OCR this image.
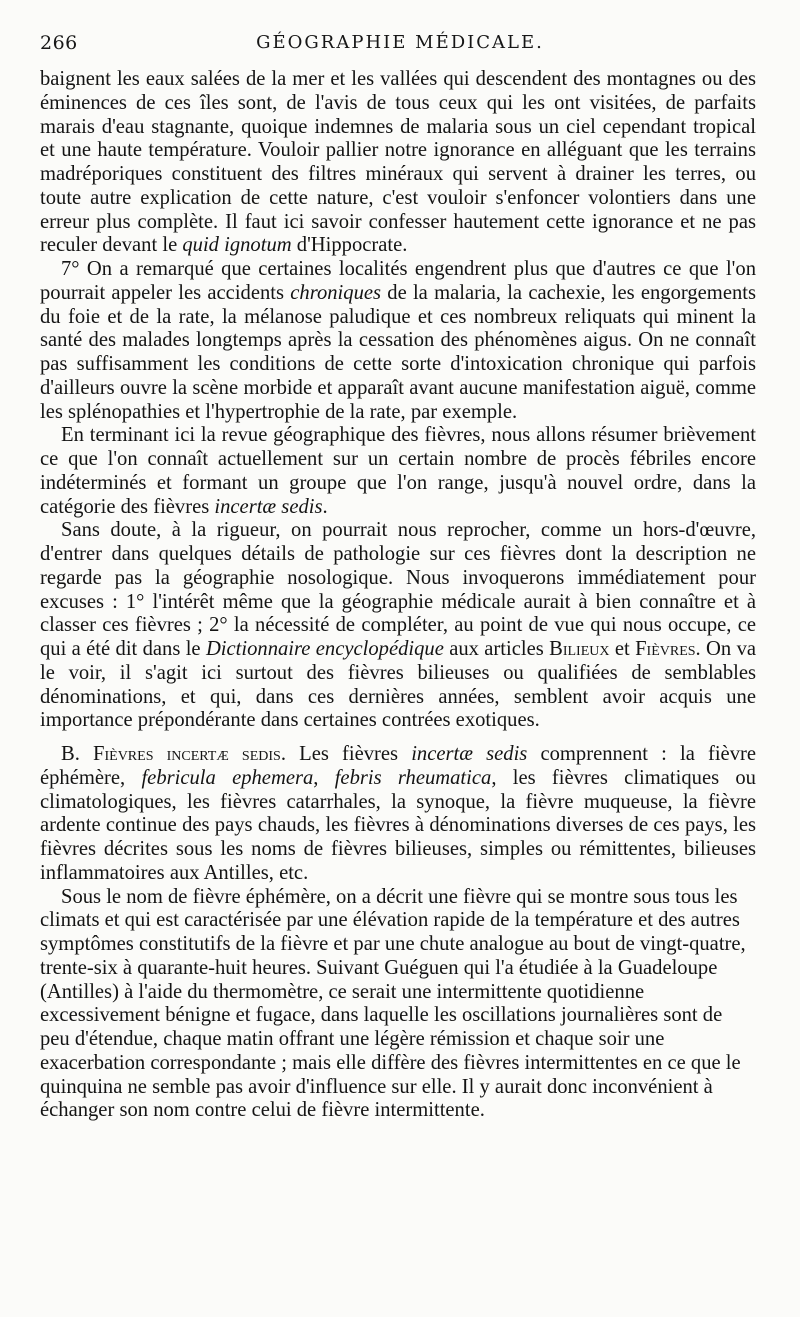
266	GÉOGRAPHIE MÉDICALE.

baignent les eaux salées de la mer et les vallées qui descendent des montagnes ou des éminences de ces îles sont, de l'avis de tous ceux qui les ont visitées, de parfaits marais d'eau stagnante, quoique indemnes de malaria sous un ciel cependant tropical et une haute température. Vouloir pallier notre ignorance en alléguant que les terrains madréporiques constituent des filtres minéraux qui servent à drainer les terres, ou toute autre explication de cette nature, c'est vouloir s'enfoncer volontiers dans une erreur plus complète. Il faut ici savoir confesser hautement cette ignorance et ne pas reculer devant le quid ignotum d'Hippocrate.

7° On a remarqué que certaines localités engendrent plus que d'autres ce que l'on pourrait appeler les accidents chroniques de la malaria, la cachexie, les engorgements du foie et de la rate, la mélanose paludique et ces nombreux reliquats qui minent la santé des malades longtemps après la cessation des phénomènes aigus. On ne connaît pas suffisamment les conditions de cette sorte d'intoxication chronique qui parfois d'ailleurs ouvre la scène morbide et apparaît avant aucune manifestation aiguë, comme les splénopathies et l'hypertrophie de la rate, par exemple.

En terminant ici la revue géographique des fièvres, nous allons résumer brièvement ce que l'on connaît actuellement sur un certain nombre de procès fébriles encore indéterminés et formant un groupe que l'on range, jusqu'à nouvel ordre, dans la catégorie des fièvres incertæ sedis.

Sans doute, à la rigueur, on pourrait nous reprocher, comme un hors-d'œuvre, d'entrer dans quelques détails de pathologie sur ces fièvres dont la description ne regarde pas la géographie nosologique. Nous invoquerons immédiatement pour excuses : 1° l'intérêt même que la géographie médicale aurait à bien connaître et à classer ces fièvres ; 2° la nécessité de compléter, au point de vue qui nous occupe, ce qui a été dit dans le Dictionnaire encyclopédique aux articles Bilieux et Fièvres. On va le voir, il s'agit ici surtout des fièvres bilieuses ou qualifiées de semblables dénominations, et qui, dans ces dernières années, semblent avoir acquis une importance prépondérante dans certaines contrées exotiques.

B. Fièvres incertæ sedis. Les fièvres incertæ sedis comprennent : la fièvre éphémère, febricula ephemera, febris rheumatica, les fièvres climatiques ou climatologiques, les fièvres catarrhales, la synoque, la fièvre muqueuse, la fièvre ardente continue des pays chauds, les fièvres à dénominations diverses de ces pays, les fièvres décrites sous les noms de fièvres bilieuses, simples ou rémittentes, bilieuses inflammatoires aux Antilles, etc.

Sous le nom de fièvre éphémère, on a décrit une fièvre qui se montre sous tous les climats et qui est caractérisée par une élévation rapide de la température et des autres symptômes constitutifs de la fièvre et par une chute analogue au bout de vingt-quatre, trente-six à quarante-huit heures. Suivant Guéguen qui l'a étudiée à la Guadeloupe (Antilles) à l'aide du thermomètre, ce serait une intermittente quotidienne excessivement bénigne et fugace, dans laquelle les oscillations journalières sont de peu d'étendue, chaque matin offrant une légère rémission et chaque soir une exacerbation correspondante ; mais elle diffère des fièvres intermittentes en ce que le quinquina ne semble pas avoir d'influence sur elle. Il y aurait donc inconvénient à échanger son nom contre celui de fièvre intermittente.
